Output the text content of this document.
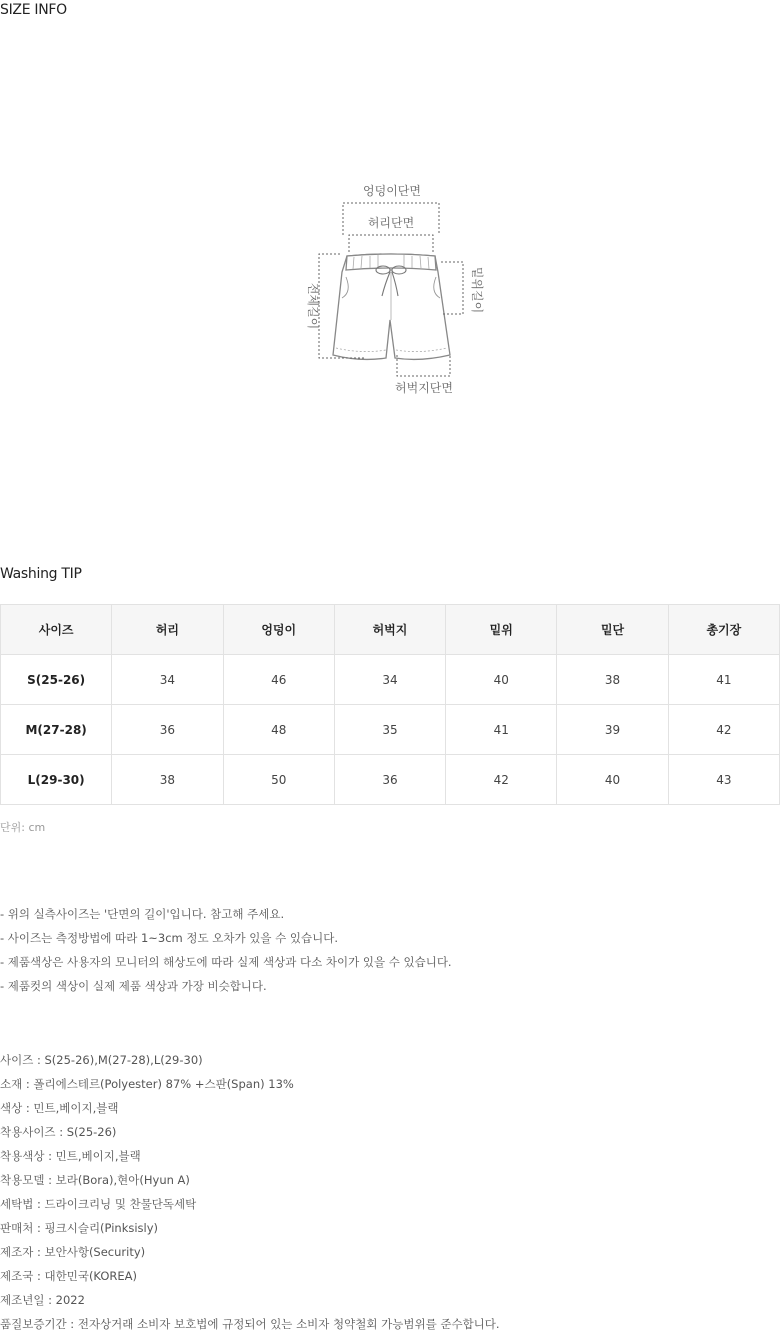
SIZE INFO
엉덩이단면
허리단면
전체길이	밑위길이
허벅지단면
Washing TIP
사이즈	허리	엉덩이	허벅지	밑위	밑단	총기장
S(25-26)	34	46	34	40	38	41
M(27-28)	36	48	35	41	39	42
L(29-30)	38	50	36	42	40	43
단위: cm
- 위의 실측사이즈는 '단면의 길이'입니다. 참고해 주세요.
- 사이즈는 측정방법에 따라 1~3cm 정도 오차가 있을 수 있습니다.
- 제품색상은 사용자의 모니터의 해상도에 따라 실제 색상과 다소 차이가 있을 수 있습니다.
- 제품컷의 색상이 실제 제품 색상과 가장 비슷합니다.
사이즈 : S(25-26),M(27-28),L(29-30)
소재 : 폴리에스테르(Polyester) 87% +스판(Span) 13%
색상 : 민트,베이지,블랙
착용사이즈 : S(25-26)
착용색상 : 민트,베이지,블랙
착용모델 : 보라(Bora),현아(Hyun A)
세탁법 : 드라이크리닝 및 찬물단독세탁
판매처 : 핑크시슬리(Pinksisly)
제조자 : 보안사항(Security)
제조국 : 대한민국(KOREA)
제조년일 : 2022
품질보증기간 : 전자상거래 소비자 보호법에 규정되어 있는 소비자 청약철회 가능범위를 준수합니다.
